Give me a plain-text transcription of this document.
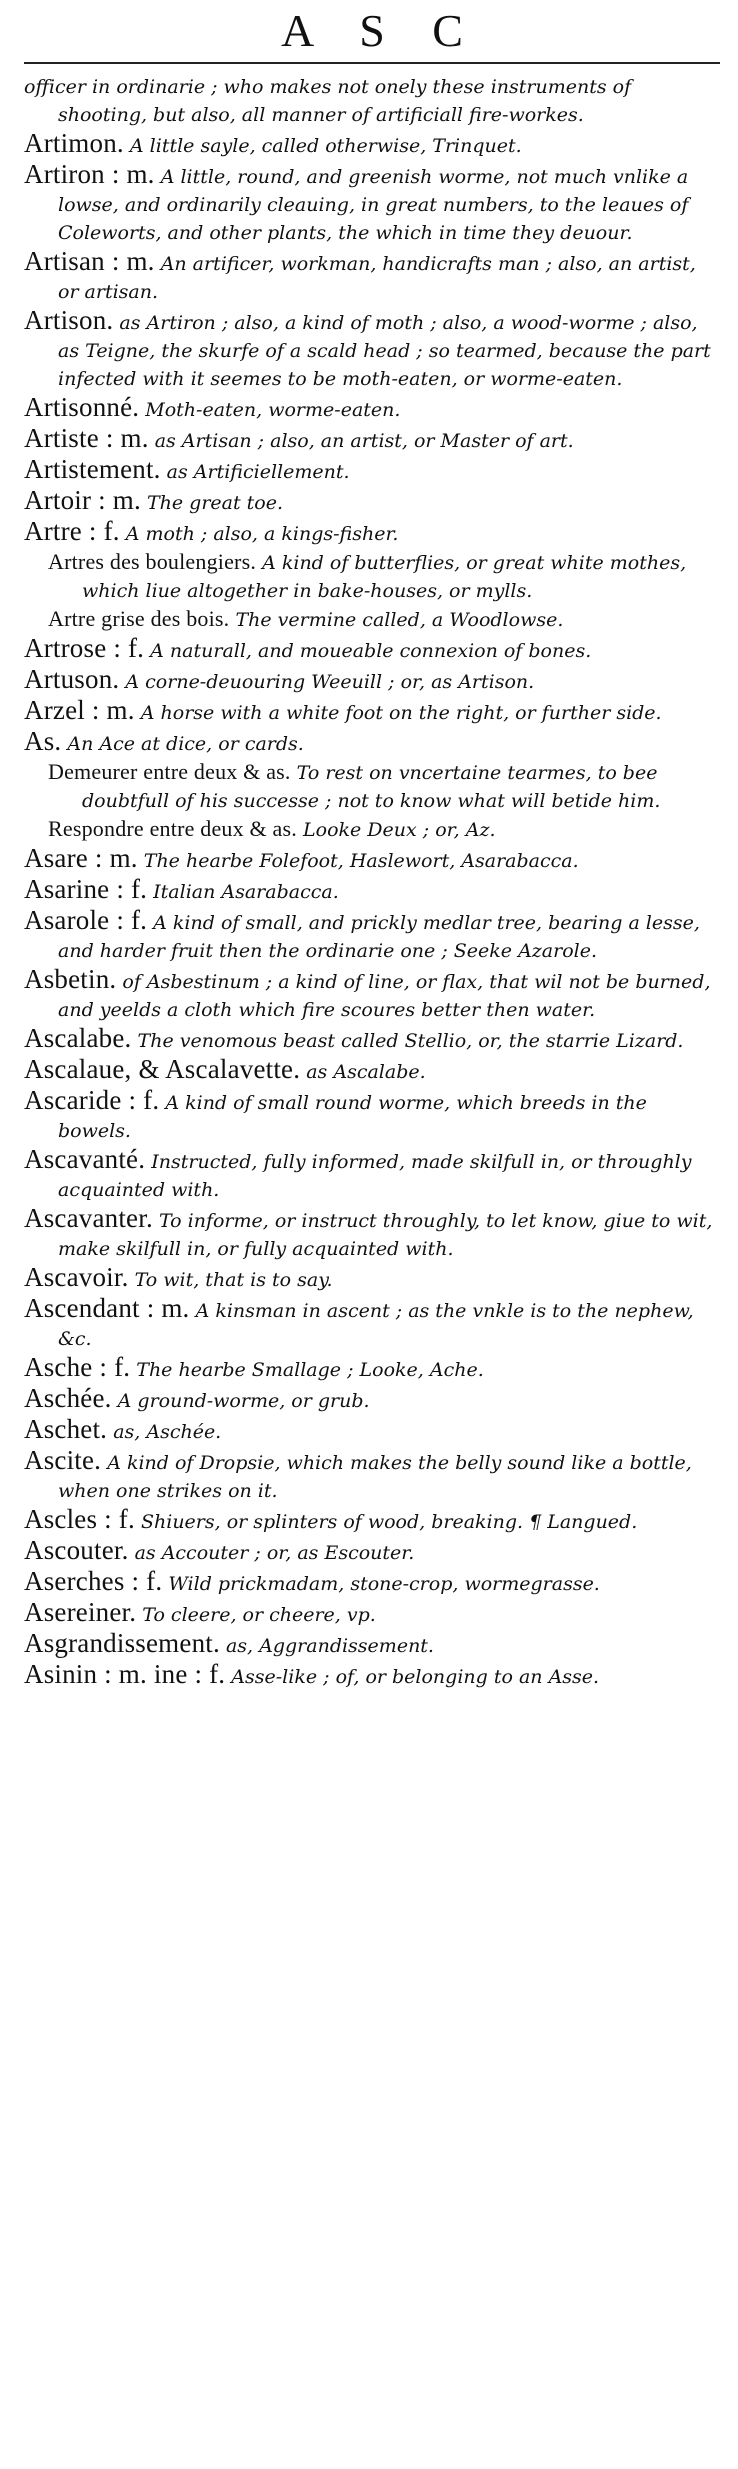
A S C

officer in ordinarie ; who makes not onely these instruments of shooting, but also, all manner of artificiall fire-workes.

Artimon. A little sayle, called otherwise, Trinquet.

Artiron : m. A little, round, and greenish worme, not much vnlike a lowse, and ordinarily cleauing, in great numbers, to the leaues of Coleworts, and other plants, the which in time they deuour.

Artisan : m. An artificer, workman, handicrafts man ; also, an artist, or artisan.

Artison. as Artiron ; also, a kind of moth ; also, a wood-worme ; also, as Teigne, the skurfe of a scald head ; so tearmed, because the part infected with it seemes to be moth-eaten, or worme-eaten.

Artisonné. Moth-eaten, worme-eaten.

Artiste : m. as Artisan ; also, an artist, or Master of art.

Artistement. as Artificiellement.

Artoir : m. The great toe.

Artre : f. A moth ; also, a kings-fisher.

Artres des boulengiers. A kind of butterflies, or great white mothes, which liue altogether in bake-houses, or mylls.

Artre grise des bois. The vermine called, a Woodlowse.

Artrose : f. A naturall, and moueable connexion of bones.

Artuson. A corne-deuouring Weeuill ; or, as Artison.

Arzel : m. A horse with a white foot on the right, or further side.

As. An Ace at dice, or cards.

Demeurer entre deux & as. To rest on vncertaine tearmes, to bee doubtfull of his successe ; not to know what will betide him.

Respondre entre deux & as. Looke Deux ; or, Az.

Asare : m. The hearbe Folefoot, Haslewort, Asarabacca.

Asarine : f. Italian Asarabacca.

Asarole : f. A kind of small, and prickly medlar tree, bearing a lesse, and harder fruit then the ordinarie one ; Seeke Azarole.

Asbetin. of Asbestinum ; a kind of line, or flax, that wil not be burned, and yeelds a cloth which fire scoures better then water.

Ascalabe. The venomous beast called Stellio, or, the starrie Lizard.

Ascalaue, & Ascalavette. as Ascalabe.

Ascaride : f. A kind of small round worme, which breeds in the bowels.

Ascavanté. Instructed, fully informed, made skilfull in, or throughly acquainted with.

Ascavanter. To informe, or instruct throughly, to let know, giue to wit, make skilfull in, or fully acquainted with.

Ascavoir. To wit, that is to say.

Ascendant : m. A kinsman in ascent ; as the vnkle is to the nephew, &c.

Asche : f. The hearbe Smallage ; Looke, Ache.

Aschée. A ground-worme, or grub.

Aschet. as, Aschée.

Ascite. A kind of Dropsie, which makes the belly sound like a bottle, when one strikes on it.

Ascles : f. Shiuers, or splinters of wood, breaking. ¶ Langued.

Ascouter. as Accouter ; or, as Escouter.

Aserches : f. Wild prickmadam, stone-crop, wormegrasse.

Asereiner. To cleere, or cheere, vp.

Asgrandissement. as, Aggrandissement.

Asinin : m. ine : f. Asse-like ; of, or belonging to an Asse.
